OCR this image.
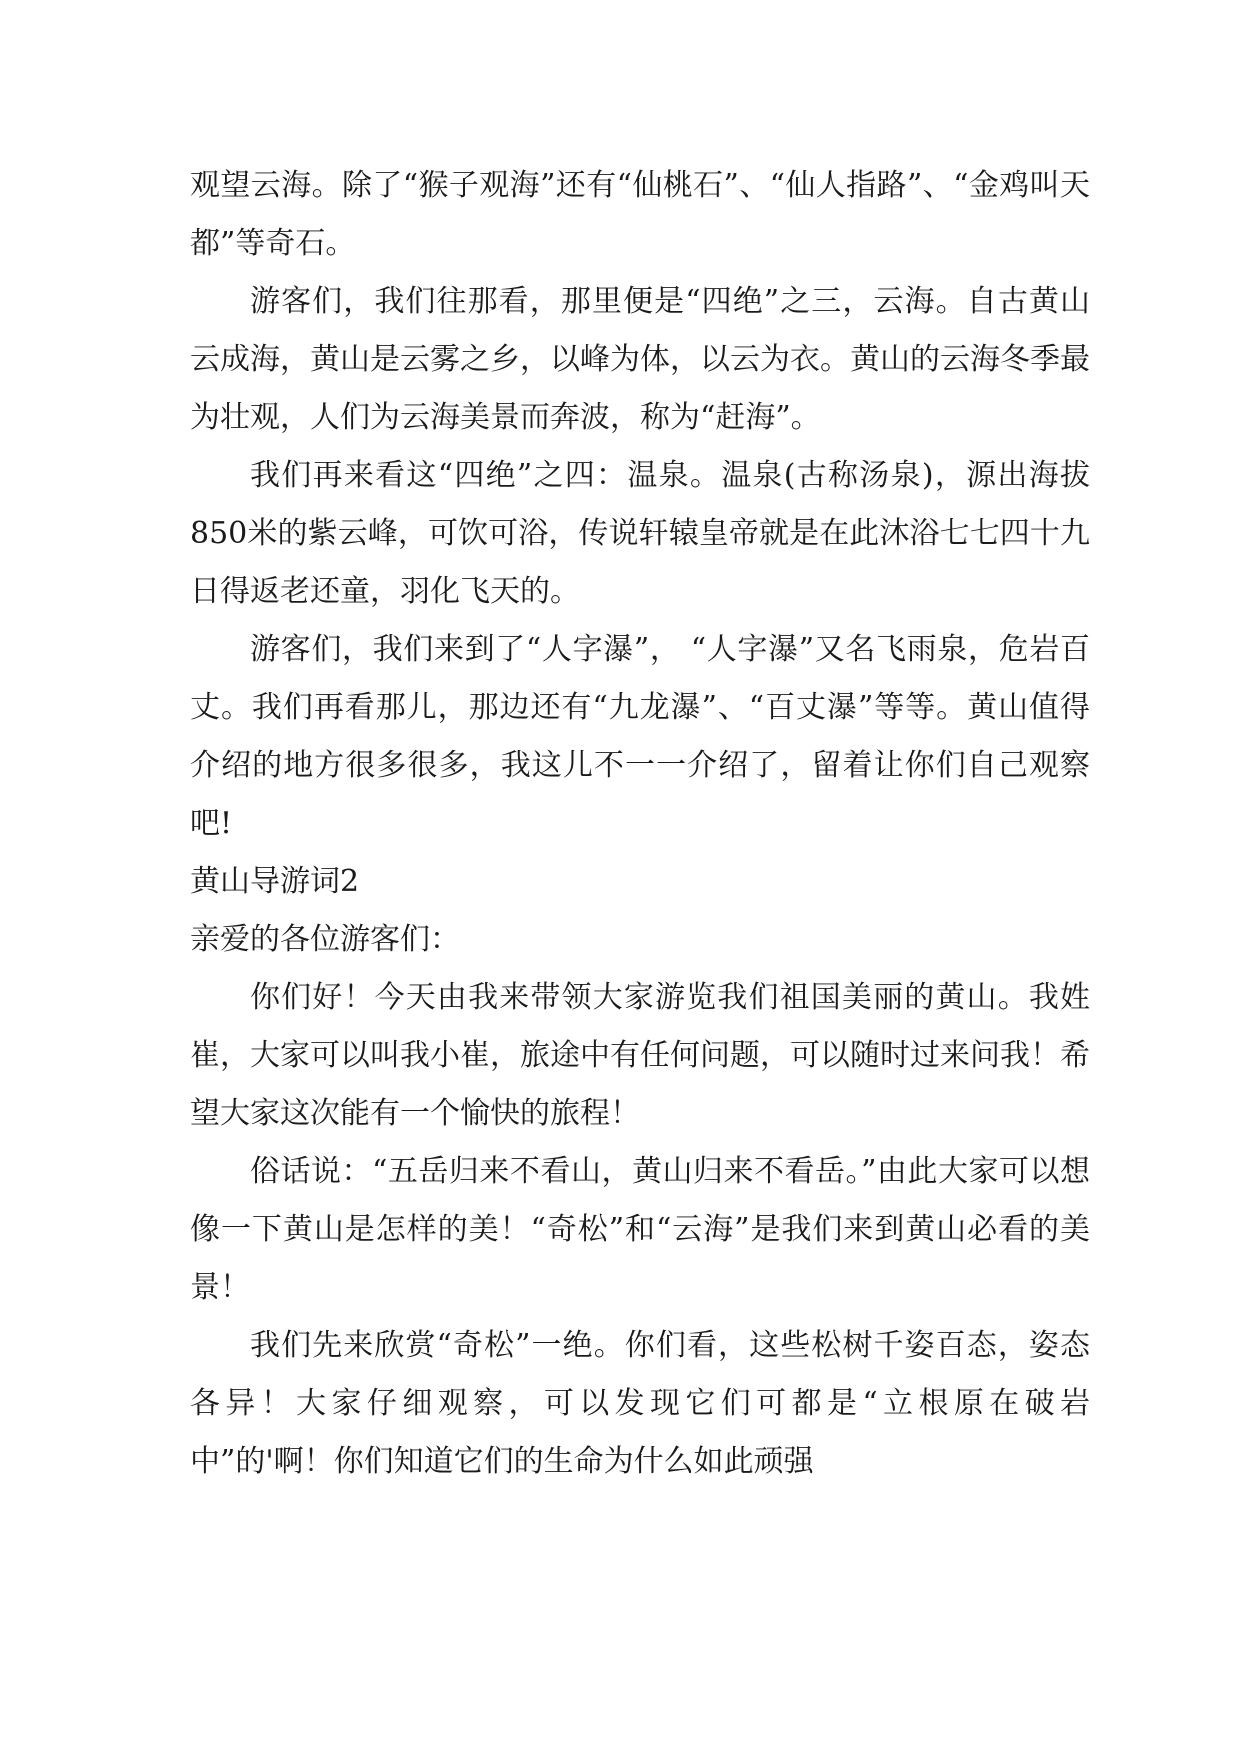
观望云海。除了“猴子观海”还有“仙桃石”、“仙人指路”、“金鸡叫天都”等奇石。

游客们，我们往那看，那里便是“四绝”之三，云海。自古黄山云成海，黄山是云雾之乡，以峰为体，以云为衣。黄山的云海冬季最为壮观，人们为云海美景而奔波，称为“赶海”。

我们再来看这“四绝”之四：温泉。温泉(古称汤泉)，源出海拔850米的紫云峰，可饮可浴，传说轩辕皇帝就是在此沐浴七七四十九日得返老还童，羽化飞天的。

游客们，我们来到了“人字瀑”， “人字瀑”又名飞雨泉，危岩百丈。我们再看那儿，那边还有“九龙瀑”、“百丈瀑”等等。黄山值得介绍的地方很多很多，我这儿不一一介绍了，留着让你们自己观察吧!

黄山导游词2

亲爱的各位游客们：

你们好！今天由我来带领大家游览我们祖国美丽的黄山。我姓崔，大家可以叫我小崔，旅途中有任何问题，可以随时过来问我！希望大家这次能有一个愉快的旅程！

俗话说：“五岳归来不看山，黄山归来不看岳。”由此大家可以想像一下黄山是怎样的美！“奇松”和“云海”是我们来到黄山必看的美景！

我们先来欣赏“奇松”一绝。你们看，这些松树千姿百态，姿态各异！大家仔细观察，可以发现它们可都是“立根原在破岩中”的'啊！你们知道它们的生命为什么如此顽强
